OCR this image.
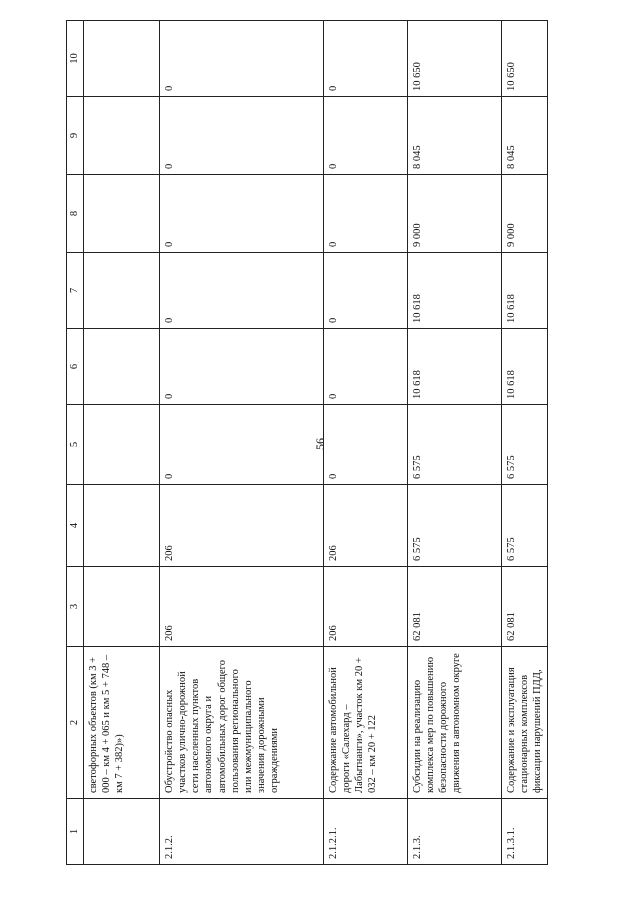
56
1	2	3	4	5	6	7	8	9	10
	светофорных объектов (км 3 + 000 – км 4 + 065 и км 5 + 748 – км 7 + 382)»)								
2.1.2.	Обустройство опасных участков улично-дорожной сети населенных пунктов автономного округа и автомобильных дорог общего пользования регионального или межмуниципального значения дорожными ограждениями	206	206	0	0	0	0	0	0
2.1.2.1.	Содержание автомобильной дороги «Салехард – Лабытнанги», участок км 20 + 032 – км 20 + 122	206	206	0	0	0	0	0	0
2.1.3.	Субсидии на реализацию комплекса мер по повышению безопасности дорожного движения в автономном округе	62 081	6 575	6 575	10 618	10 618	9 000	8 045	10 650
2.1.3.1.	Содержание и эксплуатация стационарных комплексов фиксации нарушений ПДД,	62 081	6 575	6 575	10 618	10 618	9 000	8 045	10 650
